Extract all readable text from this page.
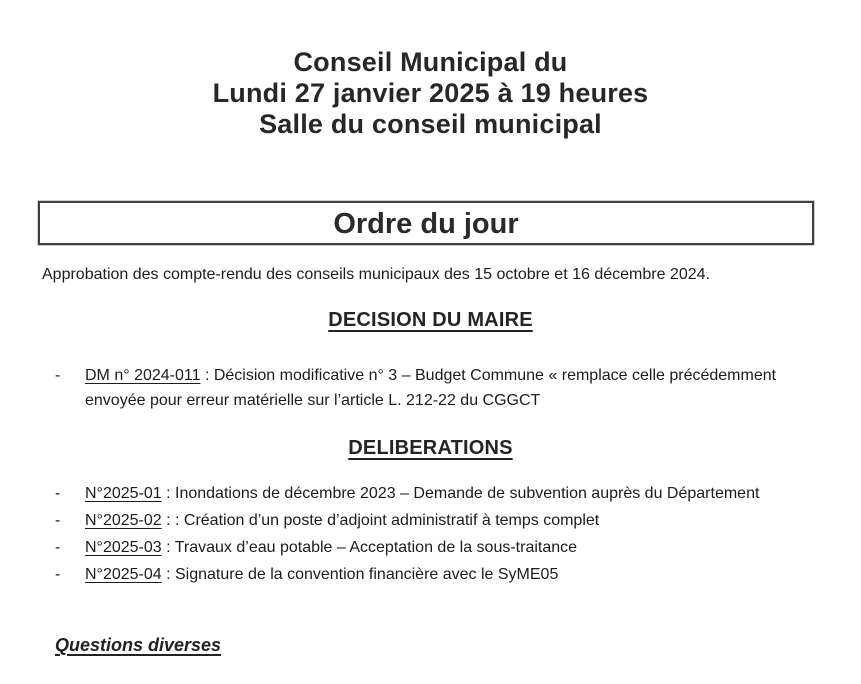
Conseil Municipal du
Lundi 27 janvier 2025 à 19 heures
Salle du conseil municipal
Ordre du jour

Approbation des compte-rendu des conseils municipaux des 15 octobre et 16 décembre 2024.

DECISION DU MAIRE
-	DM n° 2024-011 : Décision modificative n° 3 – Budget Commune « remplace celle précédemment envoyée pour erreur matérielle sur l’article L. 212-22 du CGGCT
DELIBERATIONS
-	N°2025-01 : Inondations de décembre 2023 – Demande de subvention auprès du Département
-	N°2025-02 : : Création d’un poste d’adjoint administratif à temps complet
-	N°2025-03 : Travaux d’eau potable – Acceptation de la sous-traitance
-	N°2025-04 : Signature de la convention financière avec le SyME05
Questions diverses
